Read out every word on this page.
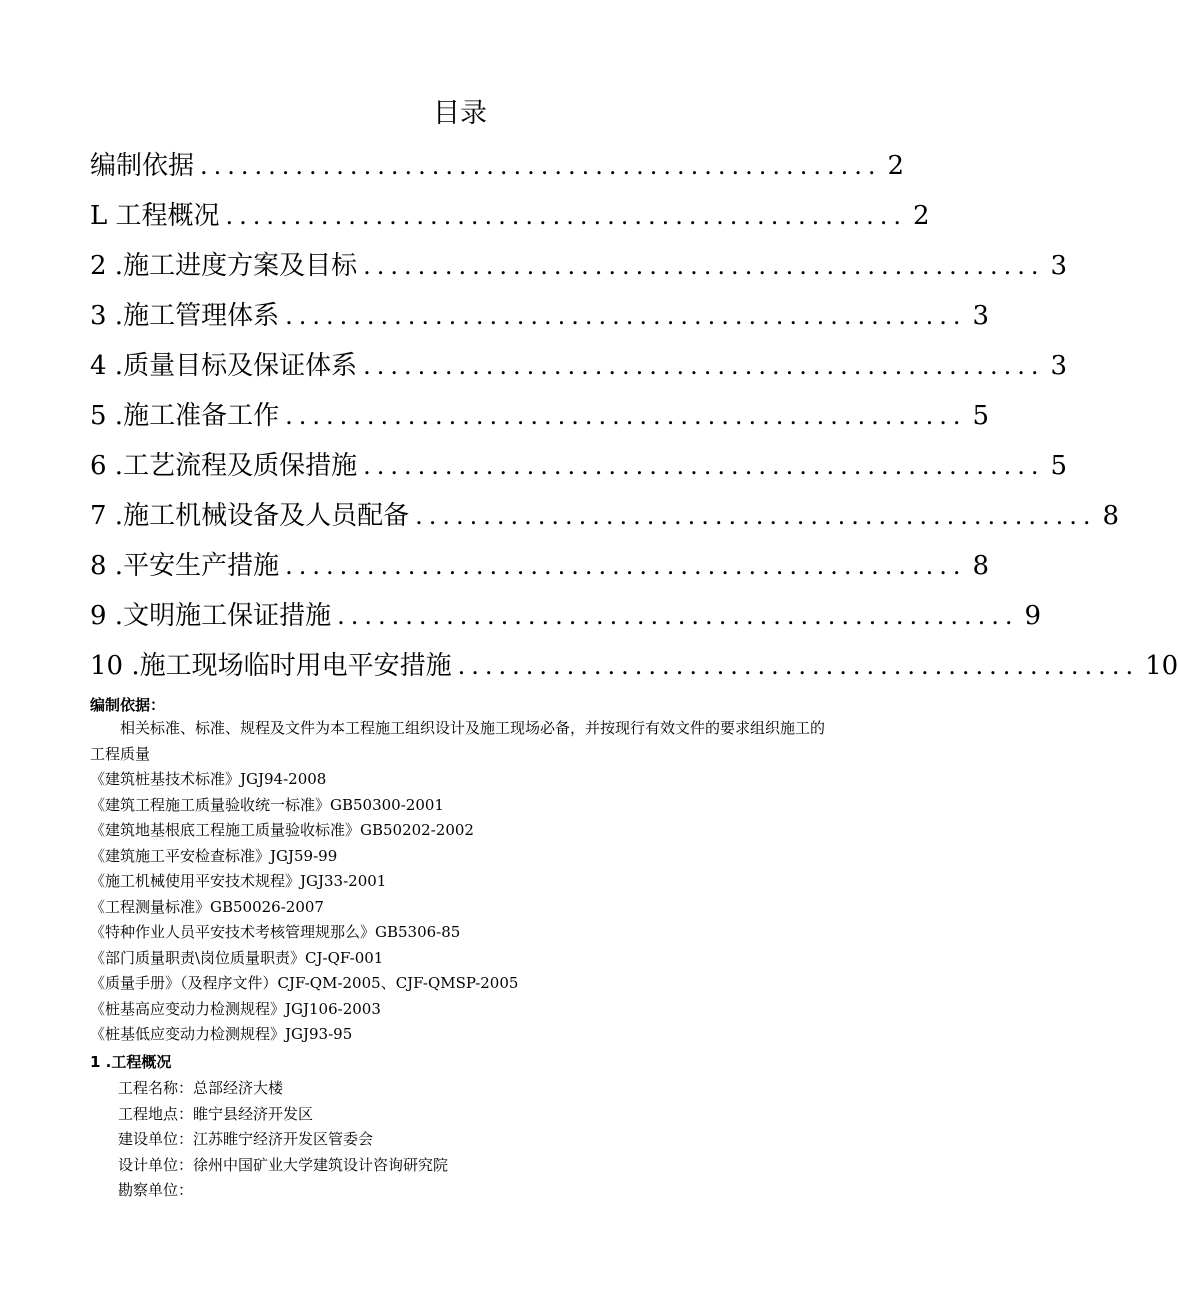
目录
编制依据 .................................................. 2
L 工程概况 .................................................. 2
2 .施工进度方案及目标 .................................................. 3
3 .施工管理体系 .................................................. 3
4 .质量目标及保证体系 .................................................. 3
5 .施工准备工作 .................................................. 5
6 .工艺流程及质保措施 .................................................. 5
7 .施工机械设备及人员配备 .................................................. 8
8 .平安生产措施 .................................................. 8
9 .文明施工保证措施 .................................................. 9
10 .施工现场临时用电平安措施 .................................................. 10
编制依据：

相关标准、标准、规程及文件为本工程施工组织设计及施工现场必备，并按现行有效文件的要求组织施工的工程质量

《建筑桩基技术标准》JGJ94-2008
《建筑工程施工质量验收统一标准》GB50300-2001
《建筑地基根底工程施工质量验收标准》GB50202-2002
《建筑施工平安检查标准》JGJ59-99
《施工机械使用平安技术规程》JGJ33-2001
《工程测量标准》GB50026-2007
《特种作业人员平安技术考核管理规那么》GB5306-85
《部门质量职责\岗位质量职责》CJ-QF-001
《质量手册》（及程序文件）CJF-QM-2005、CJF-QMSP-2005
《桩基高应变动力检测规程》JGJ106-2003
《桩基低应变动力检测规程》JGJ93-95
1 .工程概况
工程名称：总部经济大楼
工程地点：睢宁县经济开发区
建设单位：江苏睢宁经济开发区管委会
设计单位：徐州中国矿业大学建筑设计咨询研究院
勘察单位：
